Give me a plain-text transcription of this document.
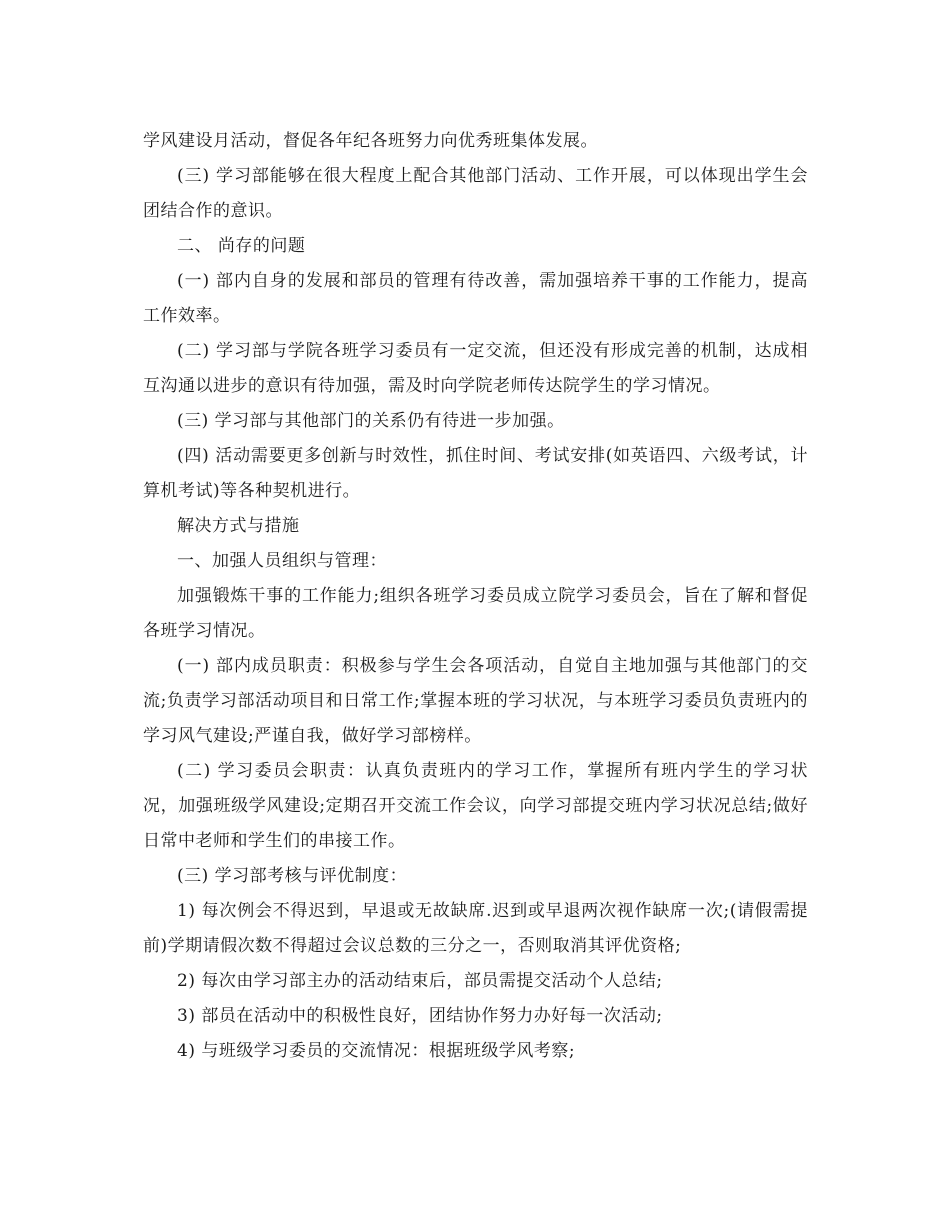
学风建设月活动，督促各年纪各班努力向优秀班集体发展。

(三) 学习部能够在很大程度上配合其他部门活动、工作开展，可以体现出学生会团结合作的意识。

二、 尚存的问题

(一) 部内自身的发展和部员的管理有待改善，需加强培养干事的工作能力，提高工作效率。

(二) 学习部与学院各班学习委员有一定交流，但还没有形成完善的机制，达成相互沟通以进步的意识有待加强，需及时向学院老师传达院学生的学习情况。

(三) 学习部与其他部门的关系仍有待进一步加强。

(四) 活动需要更多创新与时效性，抓住时间、考试安排(如英语四、六级考试，计算机考试)等各种契机进行。

解决方式与措施

一、加强人员组织与管理：

加强锻炼干事的工作能力;组织各班学习委员成立院学习委员会，旨在了解和督促各班学习情况。

(一) 部内成员职责：积极参与学生会各项活动，自觉自主地加强与其他部门的交流;负责学习部活动项目和日常工作;掌握本班的学习状况，与本班学习委员负责班内的学习风气建设;严谨自我，做好学习部榜样。

(二) 学习委员会职责：认真负责班内的学习工作，掌握所有班内学生的学习状况，加强班级学风建设;定期召开交流工作会议，向学习部提交班内学习状况总结;做好日常中老师和学生们的串接工作。

(三) 学习部考核与评优制度：

1) 每次例会不得迟到，早退或无故缺席.迟到或早退两次视作缺席一次;(请假需提前)学期请假次数不得超过会议总数的三分之一，否则取消其评优资格;

2) 每次由学习部主办的活动结束后，部员需提交活动个人总结;

3) 部员在活动中的积极性良好，团结协作努力办好每一次活动;

4) 与班级学习委员的交流情况：根据班级学风考察;
